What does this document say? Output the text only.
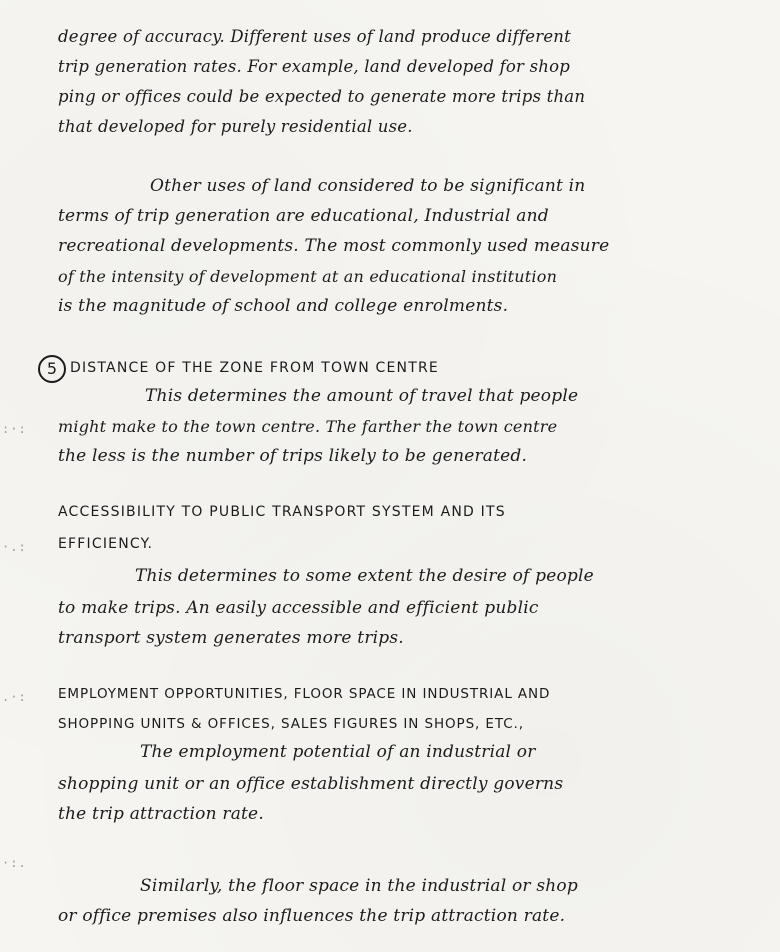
degree of accuracy. Different uses of land produce different
trip generation rates. For example, land developed for shop
ping or offices could be expected to generate more trips than
that developed for purely residential use.
Other uses of land considered to be significant in
terms of trip generation are educational, Industrial and
recreational developments. The most commonly used measure
of the intensity of development at an educational institution
is the magnitude of school and college enrolments.
5 DISTANCE OF THE ZONE FROM TOWN CENTRE
This determines the amount of travel that people
might make to the town centre. The farther the town centre
the less is the number of trips likely to be generated.
ACCESSIBILITY TO PUBLIC TRANSPORT SYSTEM AND ITS
EFFICIENCY.
This determines to some extent the desire of people
to make trips. An easily accessible and efficient public
transport system generates more trips.
EMPLOYMENT OPPORTUNITIES, FLOOR SPACE IN INDUSTRIAL AND
SHOPPING UNITS & OFFICES, SALES FIGURES IN SHOPS, ETC.,
The employment potential of an industrial or
shopping unit or an office establishment directly governs
the trip attraction rate.
Similarly, the floor space in the industrial or shop
or office premises also influences the trip attraction rate.
:·:
·.:
.·:
·:.
